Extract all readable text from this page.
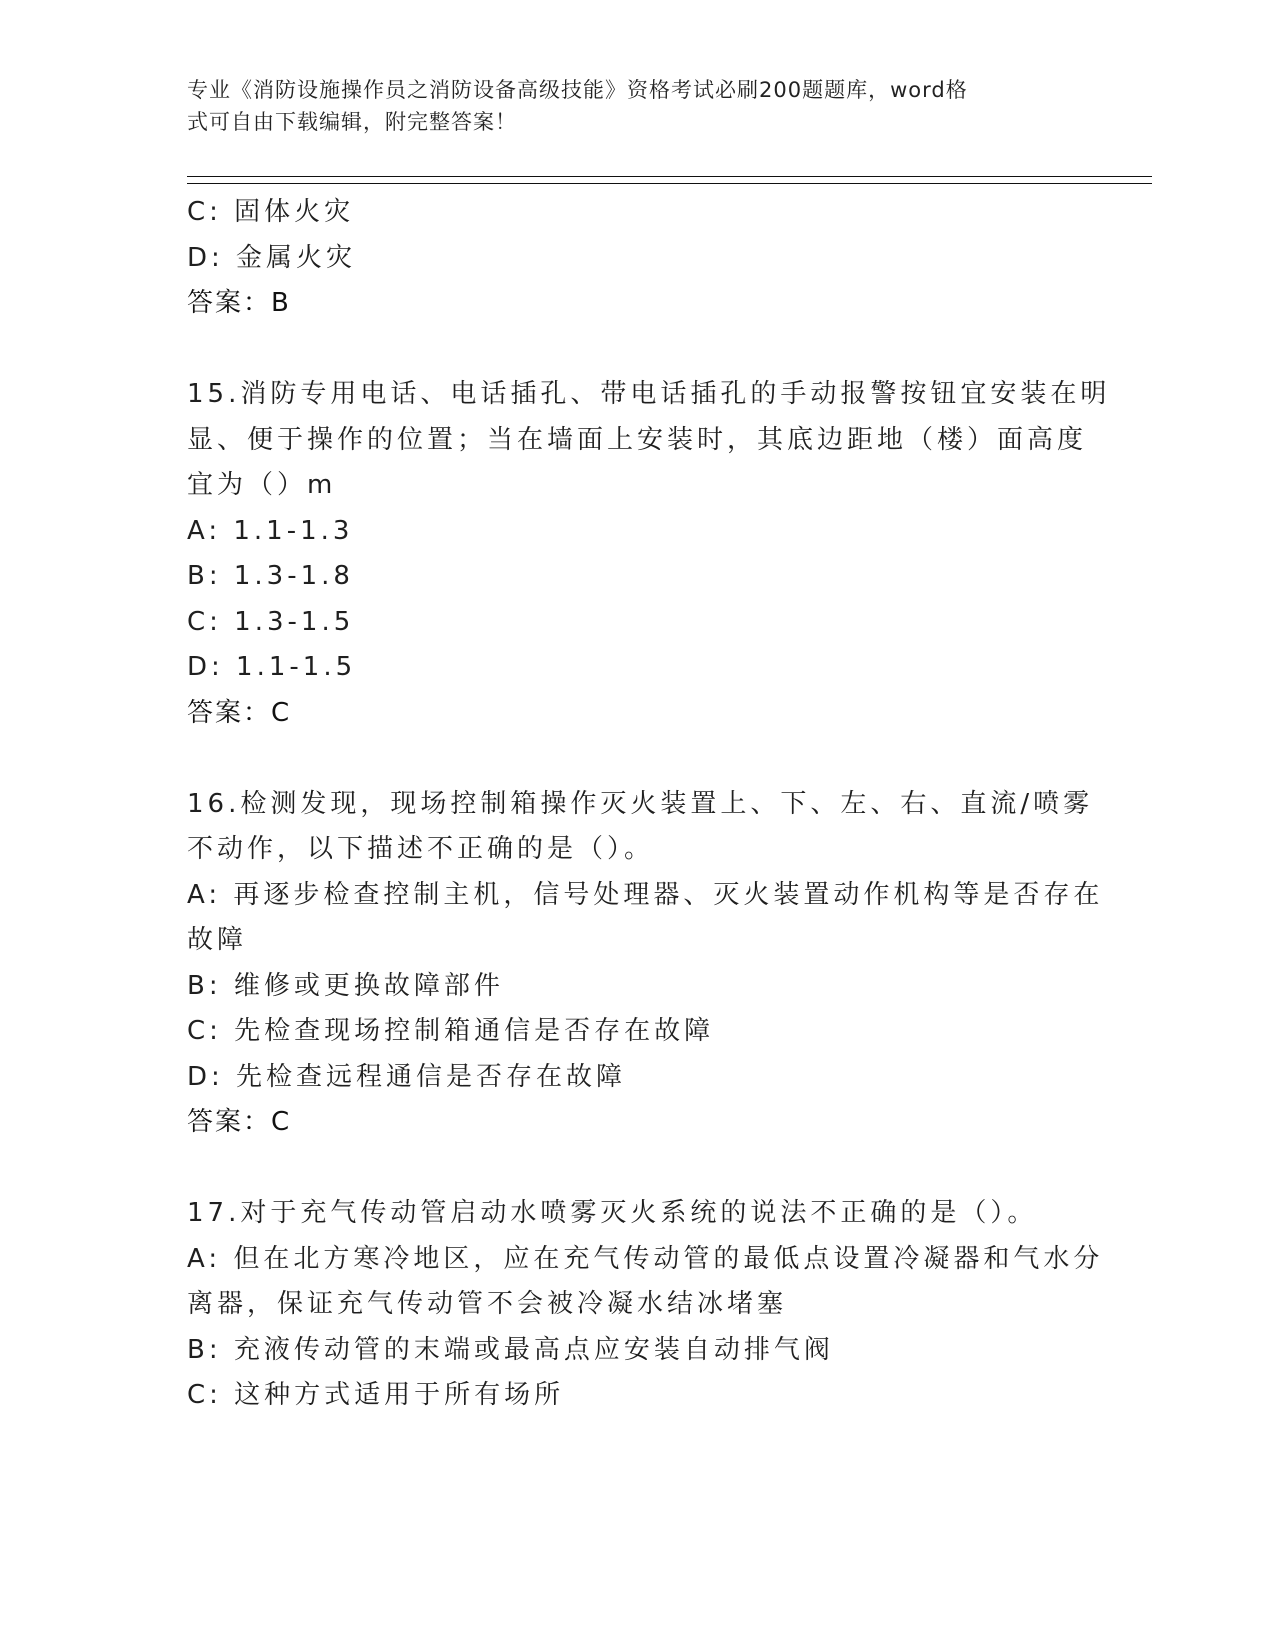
专业《消防设施操作员之消防设备高级技能》资格考试必刷200题题库，word格
式可自由下载编辑，附完整答案！
C: 固体火灾
D: 金属火灾
答案：B
15.消防专用电话、电话插孔、带电话插孔的手动报警按钮宜安装在明
显、便于操作的位置；当在墙面上安装时，其底边距地（楼）面高度
宜为（）m
A: 1.1-1.3
B: 1.3-1.8
C: 1.3-1.5
D: 1.1-1.5
答案：C
16.检测发现，现场控制箱操作灭火装置上、下、左、右、直流/喷雾
不动作，以下描述不正确的是（）。
A: 再逐步检查控制主机，信号处理器、灭火装置动作机构等是否存在
故障
B: 维修或更换故障部件
C: 先检查现场控制箱通信是否存在故障
D: 先检查远程通信是否存在故障
答案：C
17.对于充气传动管启动水喷雾灭火系统的说法不正确的是（）。
A: 但在北方寒冷地区，应在充气传动管的最低点设置冷凝器和气水分
离器，保证充气传动管不会被冷凝水结冰堵塞
B: 充液传动管的末端或最高点应安装自动排气阀
C: 这种方式适用于所有场所
